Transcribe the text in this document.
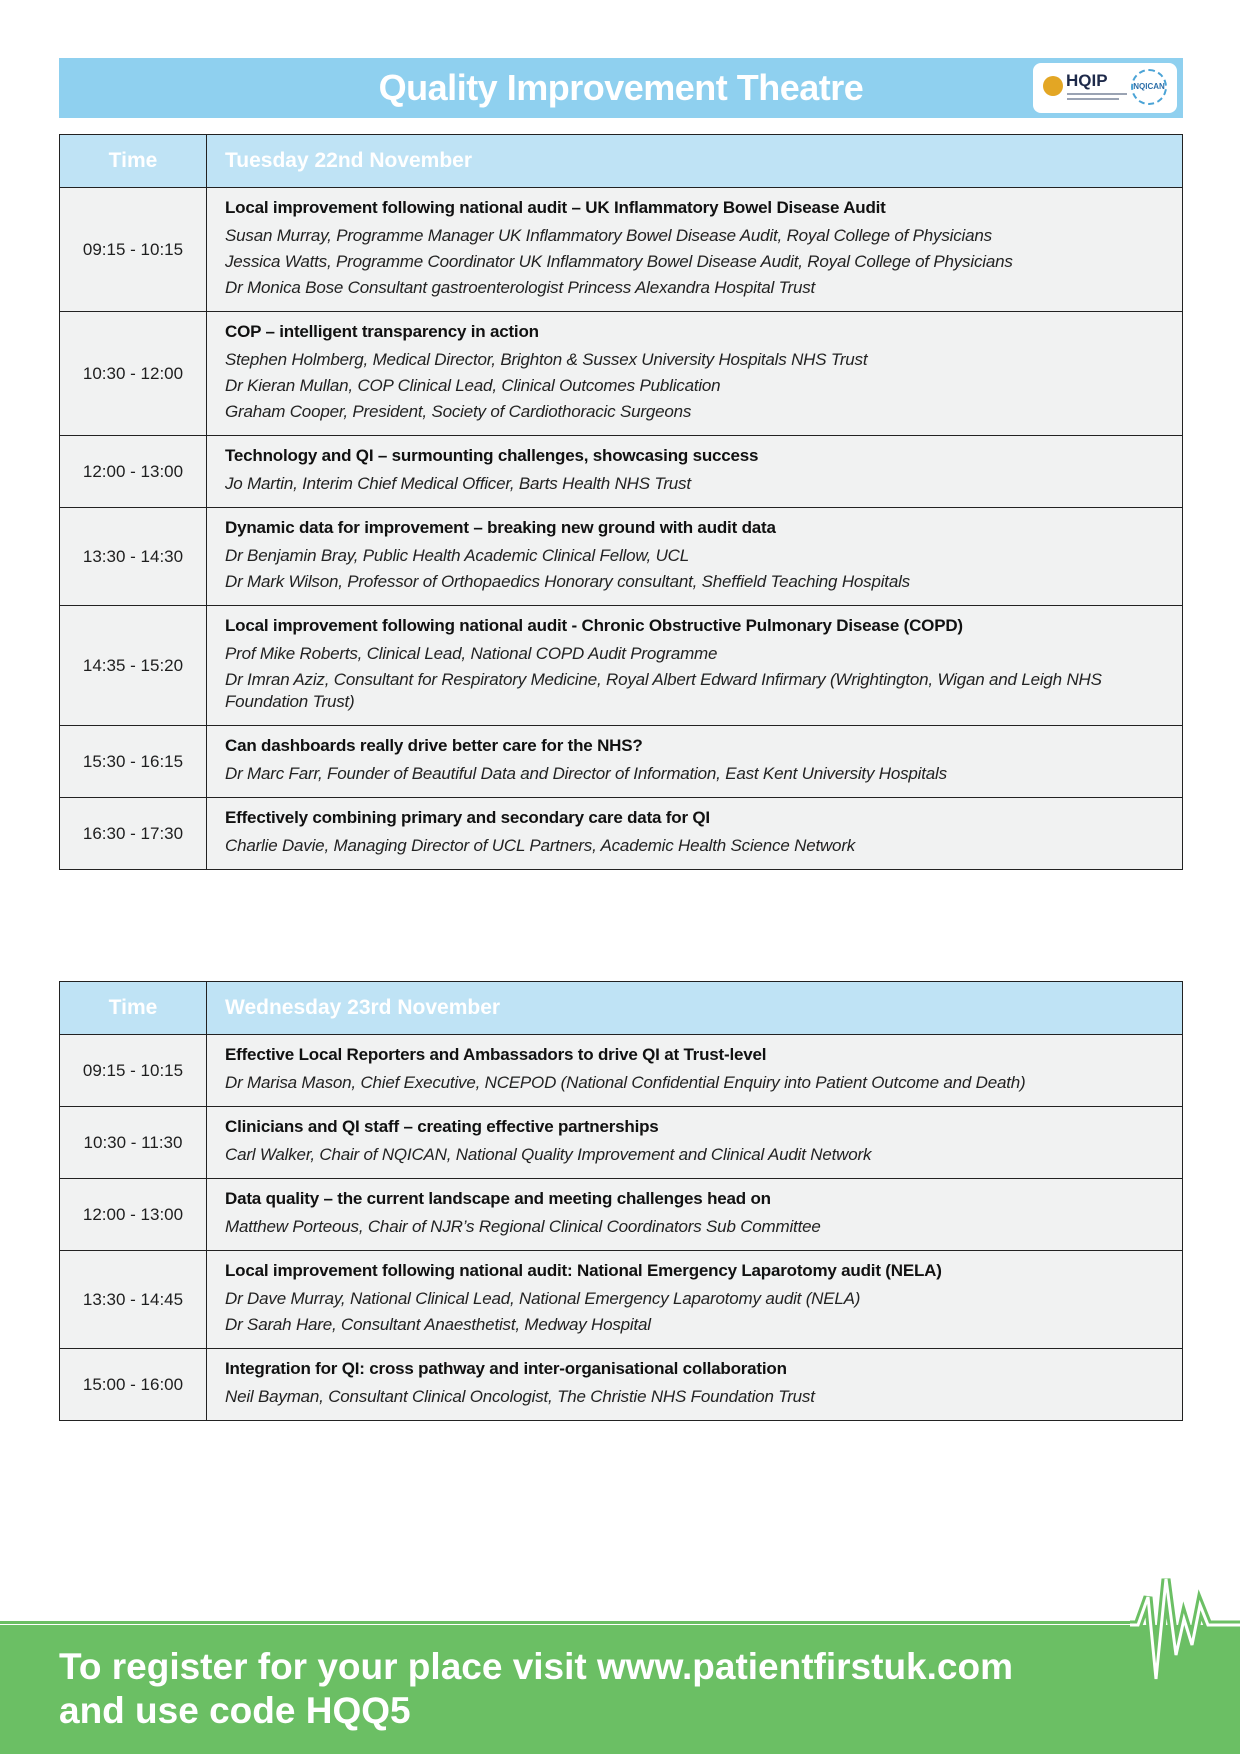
Quality Improvement Theatre	HQIP	NQICAN
Time	Tuesday 22nd November
09:15 - 10:15	Local improvement following national audit – UK Inflammatory Bowel Disease Audit
Susan Murray, Programme Manager UK Inflammatory Bowel Disease Audit, Royal College of Physicians
Jessica Watts, Programme Coordinator UK Inflammatory Bowel Disease Audit, Royal College of Physicians
Dr Monica Bose Consultant gastroenterologist Princess Alexandra Hospital Trust

10:30 - 12:00	COP – intelligent transparency in action
Stephen Holmberg, Medical Director, Brighton & Sussex University Hospitals NHS Trust
Dr Kieran Mullan, COP Clinical Lead, Clinical Outcomes Publication
Graham Cooper, President, Society of Cardiothoracic Surgeons

12:00 - 13:00	Technology and QI – surmounting challenges, showcasing success
Jo Martin, Interim Chief Medical Officer, Barts Health NHS Trust

13:30 - 14:30	Dynamic data for improvement – breaking new ground with audit data
Dr Benjamin Bray, Public Health Academic Clinical Fellow, UCL
Dr Mark Wilson, Professor of Orthopaedics Honorary consultant, Sheffield Teaching Hospitals

14:35 - 15:20	Local improvement following national audit - Chronic Obstructive Pulmonary Disease (COPD)
Prof Mike Roberts, Clinical Lead, National COPD Audit Programme
Dr Imran Aziz, Consultant for Respiratory Medicine, Royal Albert Edward Infirmary (Wrightington, Wigan and Leigh NHS Foundation Trust)

15:30 - 16:15	Can dashboards really drive better care for the NHS?
Dr Marc Farr, Founder of Beautiful Data and Director of Information, East Kent University Hospitals

16:30 - 17:30	Effectively combining primary and secondary care data for QI
Charlie Davie, Managing Director of UCL Partners, Academic Health Science Network
Time	Wednesday 23rd November
09:15 - 10:15	Effective Local Reporters and Ambassadors to drive QI at Trust-level
Dr Marisa Mason, Chief Executive, NCEPOD (National Confidential Enquiry into Patient Outcome and Death)

10:30 - 11:30	Clinicians and QI staff – creating effective partnerships
Carl Walker, Chair of NQICAN, National Quality Improvement and Clinical Audit Network

12:00 - 13:00	Data quality – the current landscape and meeting challenges head on
Matthew Porteous, Chair of NJR’s Regional Clinical Coordinators Sub Committee

13:30 - 14:45	Local improvement following national audit: National Emergency Laparotomy audit (NELA)
Dr Dave Murray, National Clinical Lead, National Emergency Laparotomy audit (NELA)
Dr Sarah Hare, Consultant Anaesthetist, Medway Hospital

15:00 - 16:00	Integration for QI: cross pathway and inter-organisational collaboration
Neil Bayman, Consultant Clinical Oncologist, The Christie NHS Foundation Trust
To register for your place visit www.patientfirstuk.com
and use code HQQ5
